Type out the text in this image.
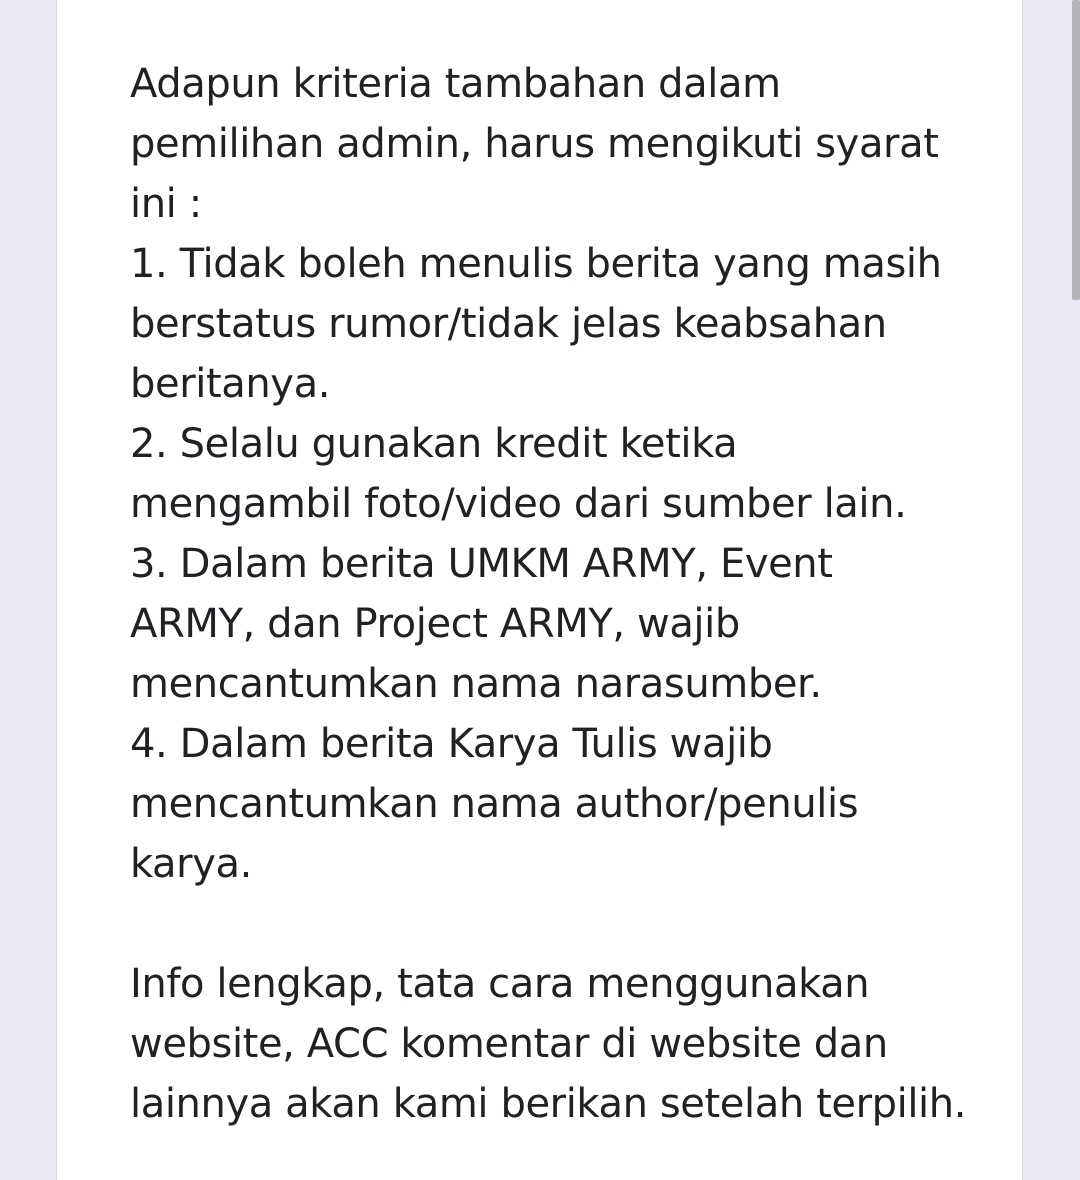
Adapun kriteria tambahan dalam
pemilihan admin, harus mengikuti syarat
ini :
1. Tidak boleh menulis berita yang masih
berstatus rumor/tidak jelas keabsahan
beritanya.
2. Selalu gunakan kredit ketika
mengambil foto/video dari sumber lain.
3. Dalam berita UMKM ARMY, Event
ARMY, dan Project ARMY, wajib
mencantumkan nama narasumber.
4. Dalam berita Karya Tulis wajib
mencantumkan nama author/penulis
karya.
Info lengkap, tata cara menggunakan
website, ACC komentar di website dan
lainnya akan kami berikan setelah terpilih.
